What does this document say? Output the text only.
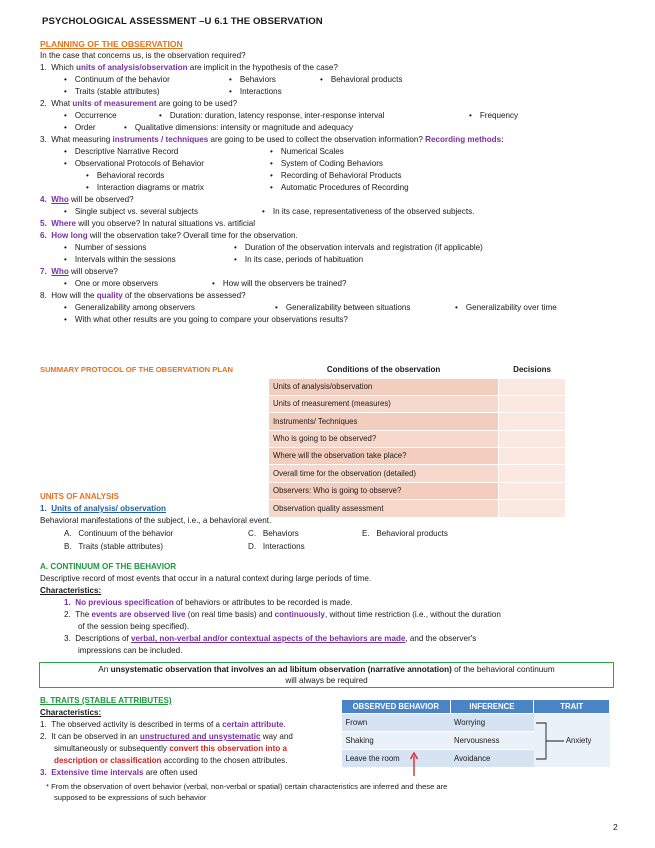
PSYCHOLOGICAL ASSESSMENT –U 6.1 THE OBSERVATION
PLANNING OF THE OBSERVATION
In the case that concerns us, is the observation required?
1. Which units of analysis/observation are implicit in the hypothesis of the case?
• Continuum of the behavior	• Behaviors	• Behavioral products
• Traits (stable attributes)	• Interactions
2. What units of measurement are going to be used?
• Occurrence	• Duration: duration, latency response, inter-response interval	• Frequency
• Order	• Qualitative dimensions: intensity or magnitude and adequacy
3. What measuring instruments / techniques are going to be used to collect the observation information? Recording methods:
• Descriptive Narrative Record	• Numerical Scales
• Observational Protocols of Behavior	• System of Coding Behaviors
• Behavioral records	• Recording of Behavioral Products
• Interaction diagrams or matrix	• Automatic Procedures of Recording
4. Who will be observed?
• Single subject vs. several subjects	• In its case, representativeness of the observed subjects.
5. Where will you observe? In natural situations vs. artificial
6. How long will the observation take? Overall time for the observation.
• Number of sessions	• Duration of the observation intervals and registration (if applicable)
• Intervals within the sessions	• In its case, periods of habituation
7. Who will observe?
• One or more observers	• How will the observers be trained?
8. How will the quality of the observations be assessed?
• Generalizability among observers	• Generalizability between situations	• Generalizability over time
• With what other results are you going to compare your observations results?
SUMMARY PROTOCOL OF THE OBSERVATION PLAN	Conditions of the observation	Decisions
Units of analysis/observation	
Units of measurement (measures)	
Instruments/ Techniques	
Who is going to be observed?	
Where will the observation take place?	
Overall time for the observation (detailed)	
Observers: Who is going to observe?	
Observation quality assessment	
UNITS OF ANALYSIS
1. Units of analysis/ observation
Behavioral manifestations of the subject, i.e., a behavioral event.
A. Continuum of the behavior	C. Behaviors	E. Behavioral products
B. Traits (stable attributes)	D. Interactions
A. CONTINUUM OF THE BEHAVIOR
Descriptive record of most events that occur in a natural context during large periods of time.
Characteristics:
1. No previous specification of behaviors or attributes to be recorded is made.
2. The events are observed live (on real time basis) and continuously, without time restriction (i.e., without the duration
of the session being specified).
3. Descriptions of verbal, non-verbal and/or contextual aspects of the behaviors are made, and the observer's
impressions can be included.
An unsystematic observation that involves an ad libitum observation (narrative annotation) of the behavioral continuum
will always be required
B. TRAITS (STABLE ATTRIBUTES)
Characteristics:
1. The observed activity is described in terms of a certain attribute.
2. It can be observed in an unstructured and unsystematic way and
simultaneously or subsequently convert this observation into a
description or classification according to the chosen attributes.
3. Extensive time intervals are often used
* From the observation of overt behavior (verbal, non-verbal or spatial) certain characteristics are inferred and these are
supposed to be expressions of such behavior
OBSERVED BEHAVIOR	INFERENCE	TRAIT
Frown	Worrying	Anxiety

Shaking	Nervousness	
Leave the room	Avoidance	
2
